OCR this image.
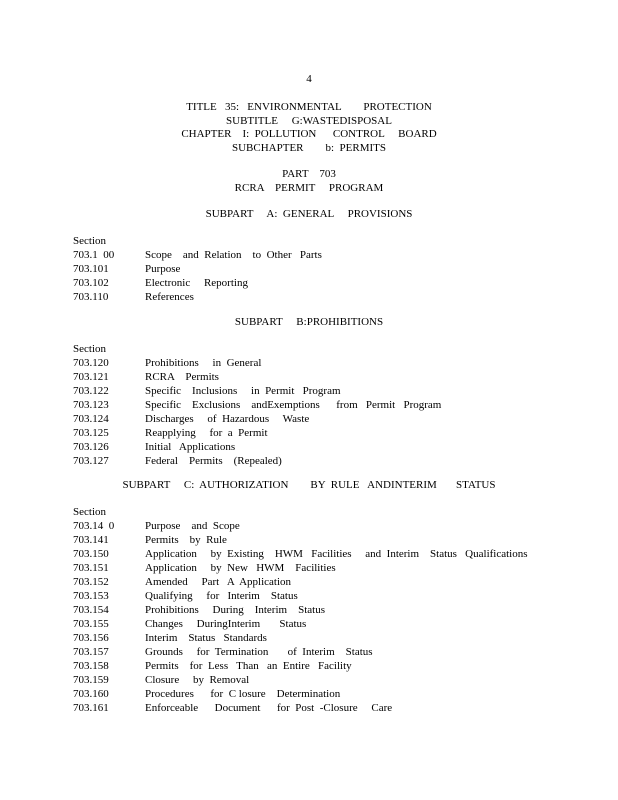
4
TITLE   35:   ENVIRONMENTAL        PROTECTION
SUBTITLE     G:WASTEDISPOSAL
CHAPTER    I:  POLLUTION      CONTROL     BOARD
SUBCHAPTER        b:  PERMITS
PART    703
RCRA    PERMIT     PROGRAM
SUBPART     A:  GENERAL     PROVISIONS
Section
703.1  00	Scope    and  Relation    to  Other   Parts
703.101	Purpose
703.102	Electronic     Reporting
703.110	References
SUBPART     B:PROHIBITIONS
Section
703.120	Prohibitions     in  General
703.121	RCRA    Permits
703.122	Specific    Inclusions     in  Permit   Program
703.123	Specific    Exclusions    andExemptions      from   Permit   Program
703.124	Discharges     of  Hazardous     Waste
703.125	Reapplying     for  a  Permit
703.126	Initial   Applications
703.127	Federal    Permits    (Repealed)
SUBPART     C:  AUTHORIZATION        BY  RULE   ANDINTERIM       STATUS
Section
703.14  0	Purpose    and  Scope
703.141	Permits    by  Rule
703.150	Application     by  Existing    HWM   Facilities     and  Interim    Status   Qualifications
703.151	Application     by  New   HWM    Facilities
703.152	Amended     Part   A  Application
703.153	Qualifying     for   Interim    Status
703.154	Prohibitions     During    Interim    Status
703.155	Changes     DuringInterim       Status
703.156	Interim    Status   Standards
703.157	Grounds     for  Termination       of  Interim    Status
703.158	Permits    for  Less   Than   an  Entire   Facility
703.159	Closure     by  Removal
703.160	Procedures      for  C losure    Determination
703.161	Enforceable      Document      for  Post  -Closure     Care
